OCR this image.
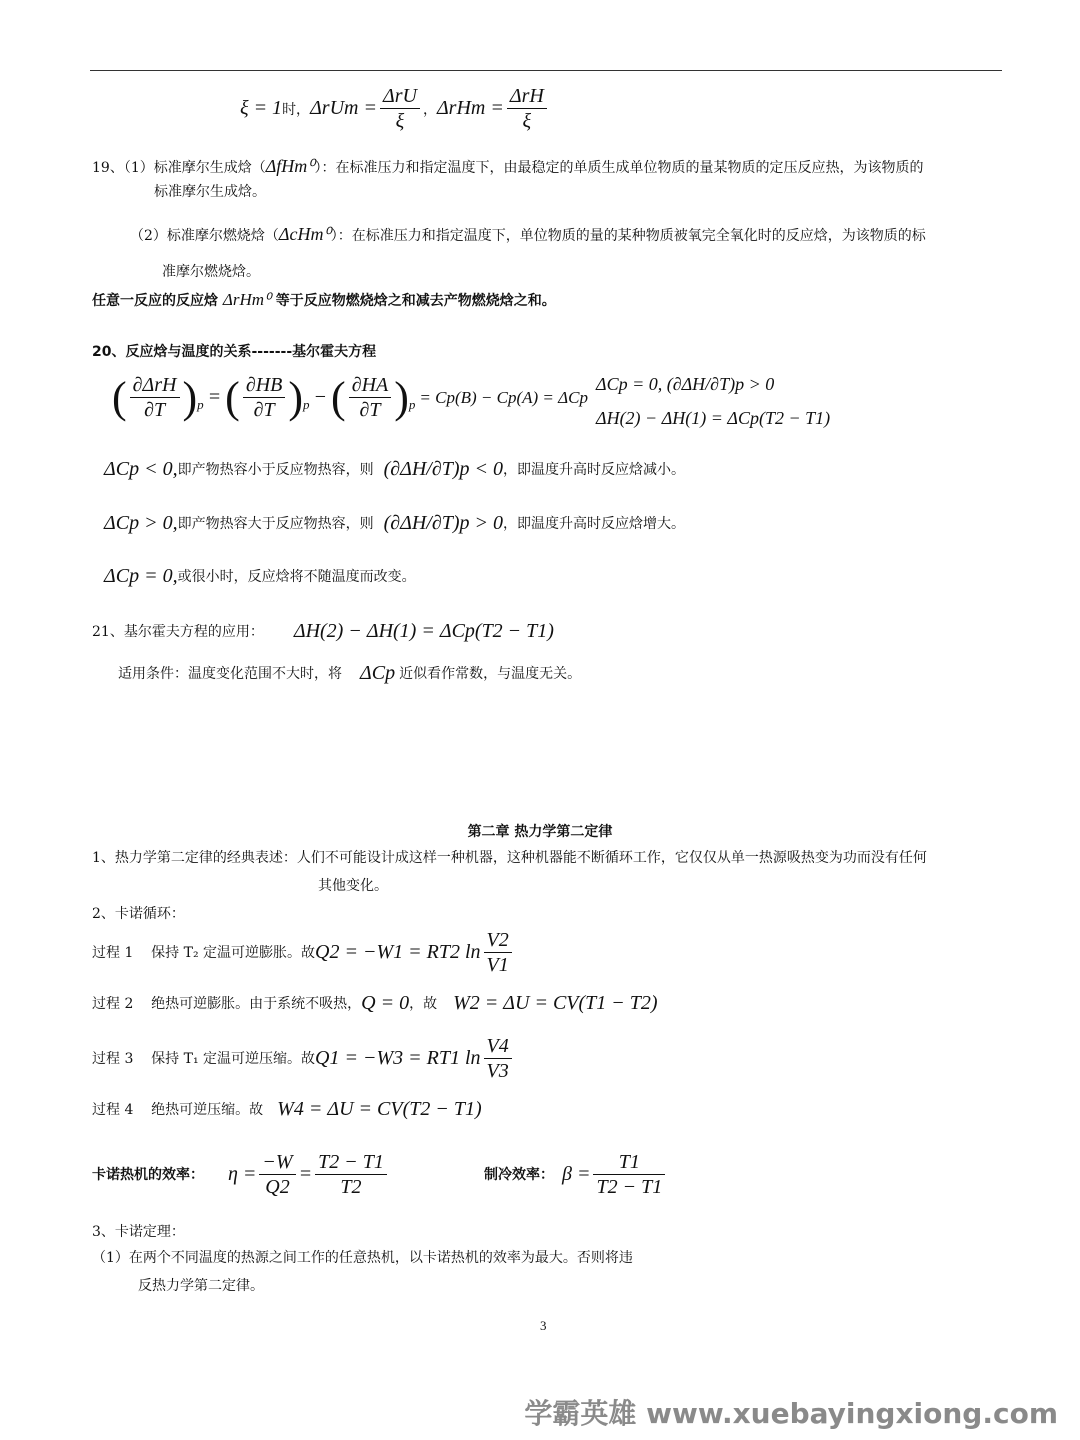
ξ = 1 时， $\Delta rUm = \frac{\text{ΔrU}}{\xi}$ ， $\Delta rHm = \frac{\text{ΔrH}}{\xi}$
19、（1）标准摩尔生成焓（ΔfHm⁰）：在标准压力和指定温度下，由最稳定的单质生成单位物质的量某物质的定压反应热，为该物质的
标准摩尔生成焓。
（2）标准摩尔燃烧焓（ΔcHm⁰）：在标准压力和指定温度下，单位物质的量的某种物质被氧完全氧化时的反应焓，为该物质的标
准摩尔燃烧焓。
任意一反应的反应焓 ΔrHm⁰ 等于反应物燃烧焓之和减去产物燃烧焓之和。
20、反应焓与温度的关系-------基尔霍夫方程
( $\frac{\text{∂ΔrH}}{\partial T}$ ) p = ( $\frac{\partial HB}{\partial T}$ ) p − ( $\frac{\partial HA}{\partial T}$ ) p = Cp(B) − Cp(A) = ΔCp
ΔCp = 0, (∂ΔH/∂T)p > 0
ΔH(2) − ΔH(1) = ΔCp(T2 − T1)
ΔCp < 0, 即产物热容小于反应物热容，则 (∂ΔH/∂T)p < 0 ，即温度升高时反应焓减小。
ΔCp > 0, 即产物热容大于反应物热容，则 (∂ΔH/∂T)p > 0 ，即温度升高时反应焓增大。
ΔCp = 0, 或很小时，反应焓将不随温度而改变。
21、基尔霍夫方程的应用： ΔH(2) − ΔH(1) = ΔCp(T2 − T1)
适用条件：温度变化范围不大时，将 ΔCp 近似看作常数，与温度无关。
第二章 热力学第二定律
1、热力学第二定律的经典表述：人们不可能设计成这样一种机器，这种机器能不断循环工作，它仅仅从单一热源吸热变为功而没有任何
其他变化。
2、卡诺循环：
过程 1    保持 T₂ 定温可逆膨胀。故 Q2 = −W1 = RT2 $\ln \frac{V2}{V1}$
过程 2    绝热可逆膨胀。由于系统不吸热， Q = 0 ，故 W2 = ΔU = CV(T1 − T2)
过程 3    保持 T₁ 定温可逆压缩。故 Q1 = −W3 = RT1 $\ln \frac{V4}{V3}$
过程 4    绝热可逆压缩。故 W4 = ΔU = CV(T2 − T1)
卡诺热机的效率： $\eta = \frac{-W}{Q2} = \frac{T2 - T1}{T2}$	制冷效率： $\beta = \frac{T1}{T2 - T1}$
3、卡诺定理：
（1）在两个不同温度的热源之间工作的任意热机，以卡诺热机的效率为最大。否则将违
反热力学第二定律。
3
学霸英雄 www.xuebayingxiong.com
